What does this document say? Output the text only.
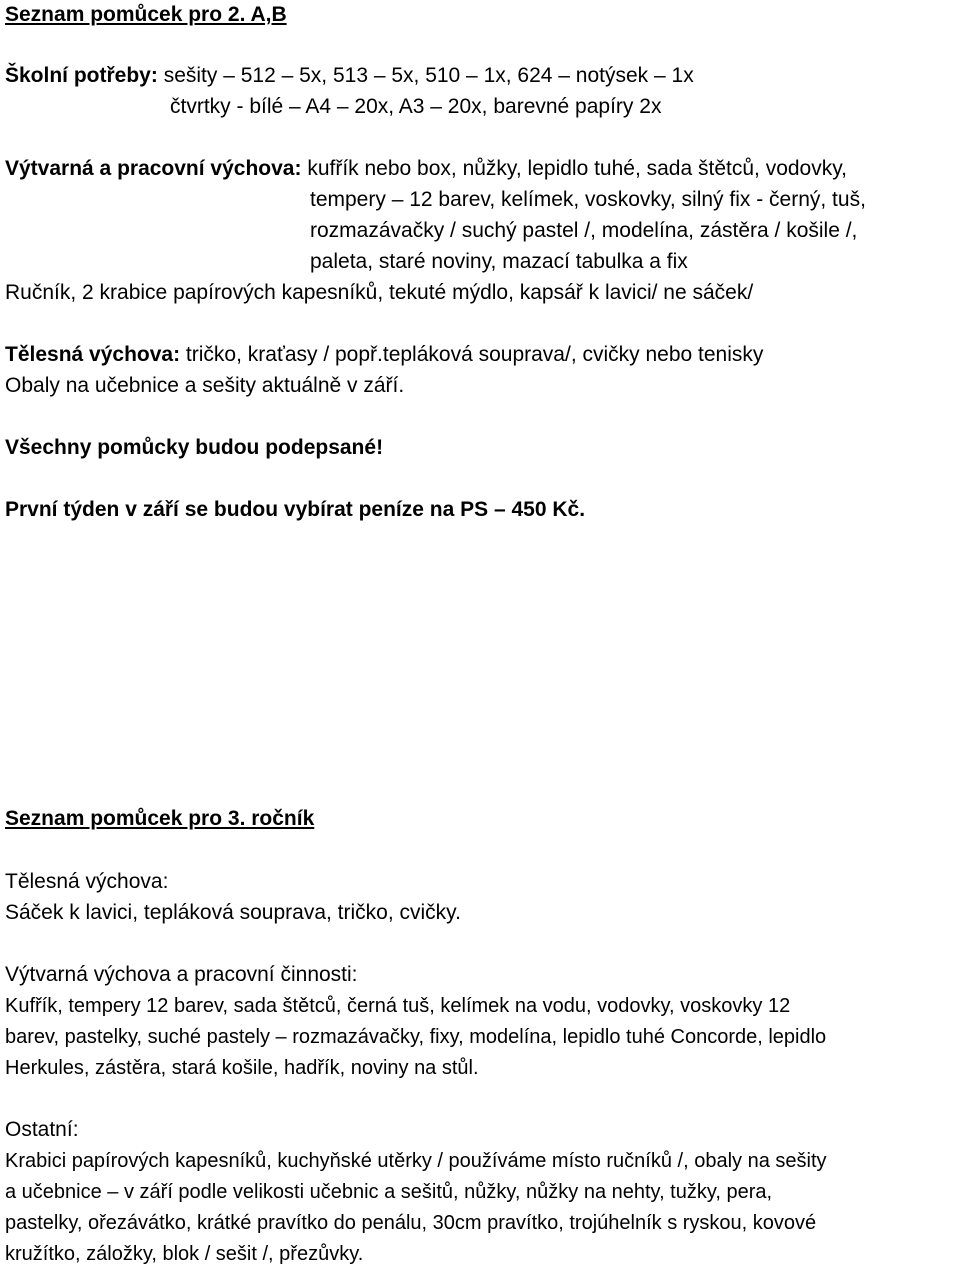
Seznam pomůcek pro 2. A,B
Školní potřeby: sešity – 512 – 5x, 513 – 5x, 510 – 1x, 624 – notýsek – 1x
čtvrtky - bílé – A4 – 20x, A3 – 20x, barevné papíry 2x
Výtvarná a pracovní výchova: kufřík nebo box, nůžky, lepidlo tuhé, sada štětců, vodovky,
tempery – 12 barev, kelímek, voskovky, silný fix - černý, tuš,
rozmazávačky / suchý pastel /, modelína, zástěra / košile /,
paleta, staré noviny, mazací tabulka a fix
Ručník, 2 krabice papírových kapesníků, tekuté mýdlo, kapsář k lavici/ ne sáček/
Tělesná výchova: tričko, kraťasy / popř.tepláková souprava/, cvičky nebo tenisky
Obaly na učebnice a sešity aktuálně v září.
Všechny pomůcky budou podepsané!
První týden v září se budou vybírat peníze na PS – 450 Kč.
Seznam pomůcek pro 3. ročník
Tělesná výchova:
Sáček k lavici, tepláková souprava, tričko, cvičky.
Výtvarná výchova a pracovní činnosti:
Kufřík, tempery 12 barev, sada štětců, černá tuš, kelímek na vodu, vodovky, voskovky 12
barev, pastelky, suché pastely – rozmazávačky, fixy, modelína, lepidlo tuhé Concorde, lepidlo
Herkules, zástěra, stará košile, hadřík, noviny na stůl.
Ostatní:
Krabici papírových kapesníků, kuchyňské utěrky / používáme místo ručníků /, obaly na sešity
a učebnice – v září podle velikosti učebnic a sešitů, nůžky, nůžky na nehty, tužky, pera,
pastelky, ořezávátko, krátké pravítko do penálu, 30cm pravítko, trojúhelník s ryskou, kovové
kružítko, záložky, blok / sešit /, přezůvky.
